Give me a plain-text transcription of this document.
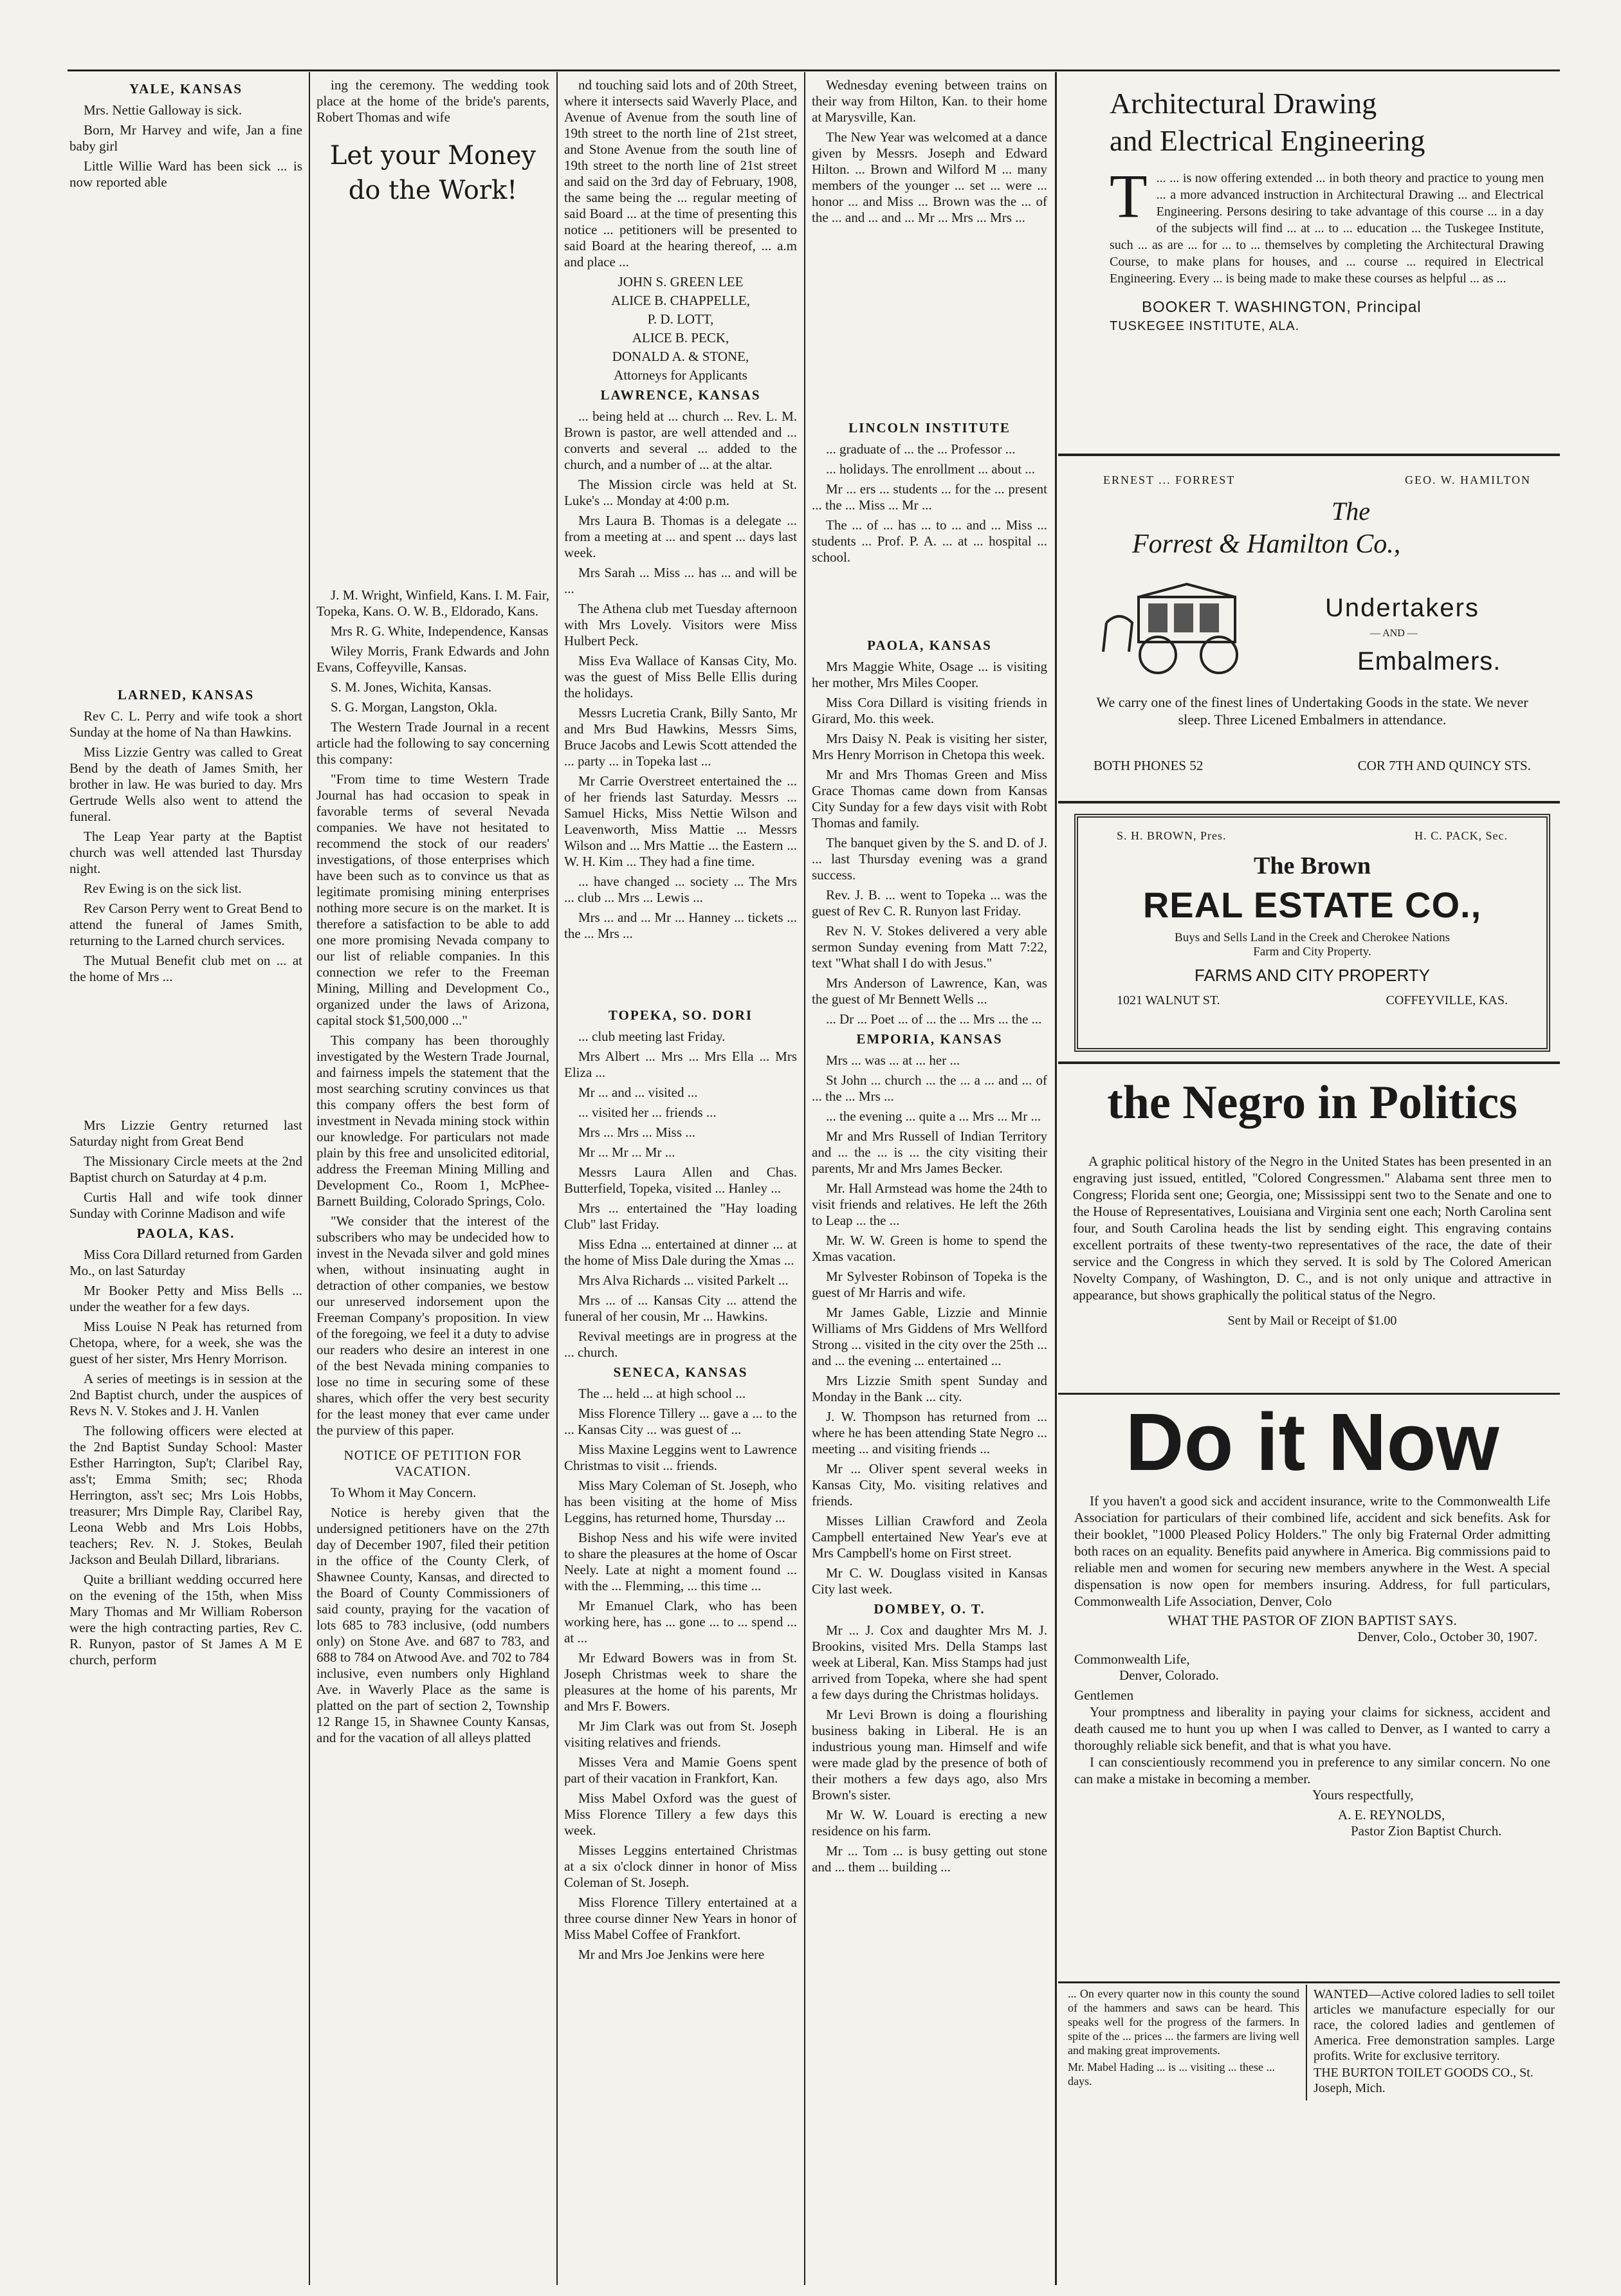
YALE, KANSAS

Mrs. Nettie Galloway is sick.

Born, Mr Harvey and wife, Jan a fine baby girl

Little Willie Ward has been sick ... is now reported able

LARNED, KANSAS

Rev C. L. Perry and wife took a short Sunday at the home of Na than Hawkins.

Miss Lizzie Gentry was called to Great Bend by the death of James Smith, her brother in law. He was buried to day. Mrs Gertrude Wells also went to attend the funeral.

The Leap Year party at the Baptist church was well attended last Thursday night.

Rev Ewing is on the sick list.

Rev Carson Perry went to Great Bend to attend the funeral of James Smith, returning to the Larned church services.

The Mutual Benefit club met on ... at the home of Mrs ...

Mrs Lizzie Gentry returned last Saturday night from Great Bend

The Missionary Circle meets at the 2nd Baptist church on Saturday at 4 p.m.

Curtis Hall and wife took dinner Sunday with Corinne Madison and wife

PAOLA, KAS.

Miss Cora Dillard returned from Garden Mo., on last Saturday

Mr Booker Petty and Miss Bells ... under the weather for a few days.

Miss Louise N Peak has returned from Chetopa, where, for a week, she was the guest of her sister, Mrs Henry Morrison.

A series of meetings is in session at the 2nd Baptist church, under the auspices of Revs N. V. Stokes and J. H. Vanlen

The following officers were elected at the 2nd Baptist Sunday School: Master Esther Harrington, Sup't; Claribel Ray, ass't; Emma Smith; sec; Rhoda Herrington, ass't sec; Mrs Lois Hobbs, treasurer; Mrs Dimple Ray, Claribel Ray, Leona Webb and Mrs Lois Hobbs, teachers; Rev. N. J. Stokes, Beulah Jackson and Beulah Dillard, librarians.

Quite a brilliant wedding occurred here on the evening of the 15th, when Miss Mary Thomas and Mr William Roberson were the high contracting parties, Rev C. R. Runyon, pastor of St James A M E church, perform

ing the ceremony. The wedding took place at the home of the bride's parents, Robert Thomas and wife

Let your Money do the Work!

J. M. Wright, Winfield, Kans. I. M. Fair, Topeka, Kans. O. W. B., Eldorado, Kans.

Mrs R. G. White, Independence, Kansas

Wiley Morris, Frank Edwards and John Evans, Coffeyville, Kansas.

S. M. Jones, Wichita, Kansas.

S. G. Morgan, Langston, Okla.

The Western Trade Journal in a recent article had the following to say concerning this company:

"From time to time Western Trade Journal has had occasion to speak in favorable terms of several Nevada companies. We have not hesitated to recommend the stock of our readers' investigations, of those enterprises which have been such as to convince us that as legitimate promising mining enterprises nothing more secure is on the market. It is therefore a satisfaction to be able to add one more promising Nevada company to our list of reliable companies. In this connection we refer to the Freeman Mining, Milling and Development Co., organized under the laws of Arizona, capital stock $1,500,000 ..."

This company has been thoroughly investigated by the Western Trade Journal, and fairness impels the statement that the most searching scrutiny convinces us that this company offers the best form of investment in Nevada mining stock within our knowledge. For particulars not made plain by this free and unsolicited editorial, address the Freeman Mining Milling and Development Co., Room 1, McPhee-Barnett Building, Colorado Springs, Colo.

"We consider that the interest of the subscribers who may be undecided how to invest in the Nevada silver and gold mines when, without insinuating aught in detraction of other companies, we bestow our unreserved indorsement upon the Freeman Company's proposition. In view of the foregoing, we feel it a duty to advise our readers who desire an interest in one of the best Nevada mining companies to lose no time in securing some of these shares, which offer the very best security for the least money that ever came under the purview of this paper.

NOTICE OF PETITION FOR VACATION.

To Whom it May Concern.

Notice is hereby given that the undersigned petitioners have on the 27th day of December 1907, filed their petition in the office of the County Clerk, of Shawnee County, Kansas, and directed to the Board of County Commissioners of said county, praying for the vacation of lots 685 to 783 inclusive, (odd numbers only) on Stone Ave. and 687 to 783, and 688 to 784 on Atwood Ave. and 702 to 784 inclusive, even numbers only Highland Ave. in Waverly Place as the same is platted on the part of section 2, Township 12 Range 15, in Shawnee County Kansas, and for the vacation of all alleys platted

nd touching said lots and of 20th Street, where it intersects said Waverly Place, and Avenue of Avenue from the south line of 19th street to the north line of 21st street, and Stone Avenue from the south line of 19th street to the north line of 21st street and said on the 3rd day of February, 1908, the same being the ... regular meeting of said Board ... at the time of presenting this notice ... petitioners will be presented to said Board at the hearing thereof, ... a.m and place ...

JOHN S. GREEN LEE
ALICE B. CHAPPELLE,
P. D. LOTT,
ALICE B. PECK,
DONALD A. & STONE,
Attorneys for Applicants
LAWRENCE, KANSAS

... being held at ... church ... Rev. L. M. Brown is pastor, are well attended and ... converts and several ... added to the church, and a number of ... at the altar.

The Mission circle was held at St. Luke's ... Monday at 4:00 p.m.

Mrs Laura B. Thomas is a delegate ... from a meeting at ... and spent ... days last week.

Mrs Sarah ... Miss ... has ... and will be ...

The Athena club met Tuesday afternoon with Mrs Lovely. Visitors were Miss Hulbert Peck.

Miss Eva Wallace of Kansas City, Mo. was the guest of Miss Belle Ellis during the holidays.

Messrs Lucretia Crank, Billy Santo, Mr and Mrs Bud Hawkins, Messrs Sims, Bruce Jacobs and Lewis Scott attended the ... party ... in Topeka last ...

Mr Carrie Overstreet entertained the ... of her friends last Saturday. Messrs ... Samuel Hicks, Miss Nettie Wilson and Leavenworth, Miss Mattie ... Messrs Wilson and ... Mrs Mattie ... the Eastern ... W. H. Kim ... They had a fine time.

... have changed ... society ... The Mrs ... club ... Mrs ... Lewis ...

Mrs ... and ... Mr ... Hanney ... tickets ... the ... Mrs ...

TOPEKA, SO. DORI

... club meeting last Friday.

Mrs Albert ... Mrs ... Mrs Ella ... Mrs Eliza ...

Mr ... and ... visited ...

... visited her ... friends ...

Mrs ... Mrs ... Miss ...

Mr ... Mr ... Mr ...

Messrs Laura Allen and Chas. Butterfield, Topeka, visited ... Hanley ...

Mrs ... entertained the "Hay loading Club" last Friday.

Miss Edna ... entertained at dinner ... at the home of Miss Dale during the Xmas ...

Mrs Alva Richards ... visited Parkelt ...

Mrs ... of ... Kansas City ... attend the funeral of her cousin, Mr ... Hawkins.

Revival meetings are in progress at the ... church.

SENECA, KANSAS

The ... held ... at high school ...

Miss Florence Tillery ... gave a ... to the ... Kansas City ... was guest of ...

Miss Maxine Leggins went to Lawrence Christmas to visit ... friends.

Miss Mary Coleman of St. Joseph, who has been visiting at the home of Miss Leggins, has returned home, Thursday ...

Bishop Ness and his wife were invited to share the pleasures at the home of Oscar Neely. Late at night a moment found ... with the ... Flemming, ... this time ...

Mr Emanuel Clark, who has been working here, has ... gone ... to ... spend ... at ...

Mr Edward Bowers was in from St. Joseph Christmas week to share the pleasures at the home of his parents, Mr and Mrs F. Bowers.

Mr Jim Clark was out from St. Joseph visiting relatives and friends.

Misses Vera and Mamie Goens spent part of their vacation in Frankfort, Kan.

Miss Mabel Oxford was the guest of Miss Florence Tillery a few days this week.

Misses Leggins entertained Christmas at a six o'clock dinner in honor of Miss Coleman of St. Joseph.

Miss Florence Tillery entertained at a three course dinner New Years in honor of Miss Mabel Coffee of Frankfort.

Mr and Mrs Joe Jenkins were here

Wednesday evening between trains on their way from Hilton, Kan. to their home at Marysville, Kan.

The New Year was welcomed at a dance given by Messrs. Joseph and Edward Hilton. ... Brown and Wilford M ... many members of the younger ... set ... were ... honor ... and Miss ... Brown was the ... of the ... and ... and ... Mr ... Mrs ... Mrs ...

LINCOLN INSTITUTE

... graduate of ... the ... Professor ...

... holidays. The enrollment ... about ...

Mr ... ers ... students ... for the ... present ... the ... Miss ... Mr ...

The ... of ... has ... to ... and ... Miss ... students ... Prof. P. A. ... at ... hospital ... school.

PAOLA, KANSAS

Mrs Maggie White, Osage ... is visiting her mother, Mrs Miles Cooper.

Miss Cora Dillard is visiting friends in Girard, Mo. this week.

Mrs Daisy N. Peak is visiting her sister, Mrs Henry Morrison in Chetopa this week.

Mr and Mrs Thomas Green and Miss Grace Thomas came down from Kansas City Sunday for a few days visit with Robt Thomas and family.

The banquet given by the S. and D. of J. ... last Thursday evening was a grand success.

Rev. J. B. ... went to Topeka ... was the guest of Rev C. R. Runyon last Friday.

Rev N. V. Stokes delivered a very able sermon Sunday evening from Matt 7:22, text "What shall I do with Jesus."

Mrs Anderson of Lawrence, Kan, was the guest of Mr Bennett Wells ...

... Dr ... Poet ... of ... the ... Mrs ... the ...

EMPORIA, KANSAS

Mrs ... was ... at ... her ...

St John ... church ... the ... a ... and ... of ... the ... Mrs ...

... the evening ... quite a ... Mrs ... Mr ...

Mr and Mrs Russell of Indian Territory and ... the ... is ... the city visiting their parents, Mr and Mrs James Becker.

Mr. Hall Armstead was home the 24th to visit friends and relatives. He left the 26th to Leap ... the ...

Mr. W. W. Green is home to spend the Xmas vacation.

Mr Sylvester Robinson of Topeka is the guest of Mr Harris and wife.

Mr James Gable, Lizzie and Minnie Williams of Mrs Giddens of Mrs Wellford Strong ... visited in the city over the 25th ... and ... the evening ... entertained ...

Mrs Lizzie Smith spent Sunday and Monday in the Bank ... city.

J. W. Thompson has returned from ... where he has been attending State Negro ... meeting ... and visiting friends ...

Mr ... Oliver spent several weeks in Kansas City, Mo. visiting relatives and friends.

Misses Lillian Crawford and Zeola Campbell entertained New Year's eve at Mrs Campbell's home on First street.

Mr C. W. Douglass visited in Kansas City last week.

DOMBEY, O. T.

Mr ... J. Cox and daughter Mrs M. J. Brookins, visited Mrs. Della Stamps last week at Liberal, Kan. Miss Stamps had just arrived from Topeka, where she had spent a few days during the Christmas holidays.

Mr Levi Brown is doing a flourishing business baking in Liberal. He is an industrious young man. Himself and wife were made glad by the presence of both of their mothers a few days ago, also Mrs Brown's sister.

Mr W. W. Louard is erecting a new residence on his farm.

Mr ... Tom ... is busy getting out stone and ... them ... building ...

Architectural Drawing
and Electrical Engineering
T ... ... is now offering extended ... in both theory and practice to young men ... a more advanced instruction in Architectural Drawing ... and Electrical Engineering. Persons desiring to take advantage of this course ... in a day of the subjects will find ... at ... to ... education ... the Tuskegee Institute, such ... as are ... for ... to ... themselves by completing the Architectural Drawing Course, to make plans for houses, and ... course ... required in Electrical Engineering. Every ... is being made to make these courses as helpful ... as ...
BOOKER T. WASHINGTON, Principal
TUSKEGEE INSTITUTE, ALA.
ERNEST ... FORREST	GEO. W. HAMILTON
The
Forrest & Hamilton Co.,
Undertakers
— AND —
Embalmers.
We carry one of the finest lines of Undertaking Goods in the state. We never sleep. Three Licened Embalmers in attendance.
BOTH PHONES 52	COR 7TH AND QUINCY STS.
S. H. BROWN, Pres.	H. C. PACK, Sec.
The Brown
REAL ESTATE CO.,
Buys and Sells Land in the Creek and Cherokee Nations
Farm and City Property.
FARMS AND CITY PROPERTY
1021 WALNUT ST.	COFFEYVILLE, KAS.
the Negro in Politics
A graphic political history of the Negro in the United States has been presented in an engraving just issued, entitled, "Colored Congressmen." Alabama sent three men to Congress; Florida sent one; Georgia, one; Mississippi sent two to the Senate and one to the House of Representatives, Louisiana and Virginia sent one each; North Carolina sent four, and South Carolina heads the list by sending eight. This engraving contains excellent portraits of these twenty-two representatives of the race, the date of their service and the Congress in which they served. It is sold by The Colored American Novelty Company, of Washington, D. C., and is not only unique and attractive in appearance, but shows graphically the political status of the Negro.
Sent by Mail or Receipt of $1.00
Do it Now
If you haven't a good sick and accident insurance, write to the Commonwealth Life Association for particulars of their combined life, accident and sick benefits. Ask for their booklet, "1000 Pleased Policy Holders." The only big Fraternal Order admitting both races on an equality. Benefits paid anywhere in America. Big commissions paid to reliable men and women for securing new members anywhere in the West. A special dispensation is now open for members insuring. Address, for full particulars, Commonwealth Life Association, Denver, Colo
WHAT THE PASTOR OF ZION BAPTIST SAYS.
Denver, Colo., October 30, 1907.
Commonwealth Life,
Denver, Colorado.
Gentlemen
Your promptness and liberality in paying your claims for sickness, accident and death caused me to hunt you up when I was called to Denver, as I wanted to carry a thoroughly reliable sick benefit, and that is what you have.
I can conscientiously recommend you in preference to any similar concern. No one can make a mistake in becoming a member.
Yours respectfully,
A. E. REYNOLDS,
Pastor Zion Baptist Church.
... On every quarter now in this county the sound of the hammers and saws can be heard. This speaks well for the progress of the farmers. In spite of the ... prices ... the farmers are living well and making great improvements.
Mr. Mabel Hading ... is ... visiting ... these ... days.
WANTED—Active colored ladies to sell toilet articles we manufacture especially for our race, the colored ladies and gentlemen of America. Free demonstration samples. Large profits. Write for exclusive territory.
THE BURTON TOILET GOODS CO., St. Joseph, Mich.
